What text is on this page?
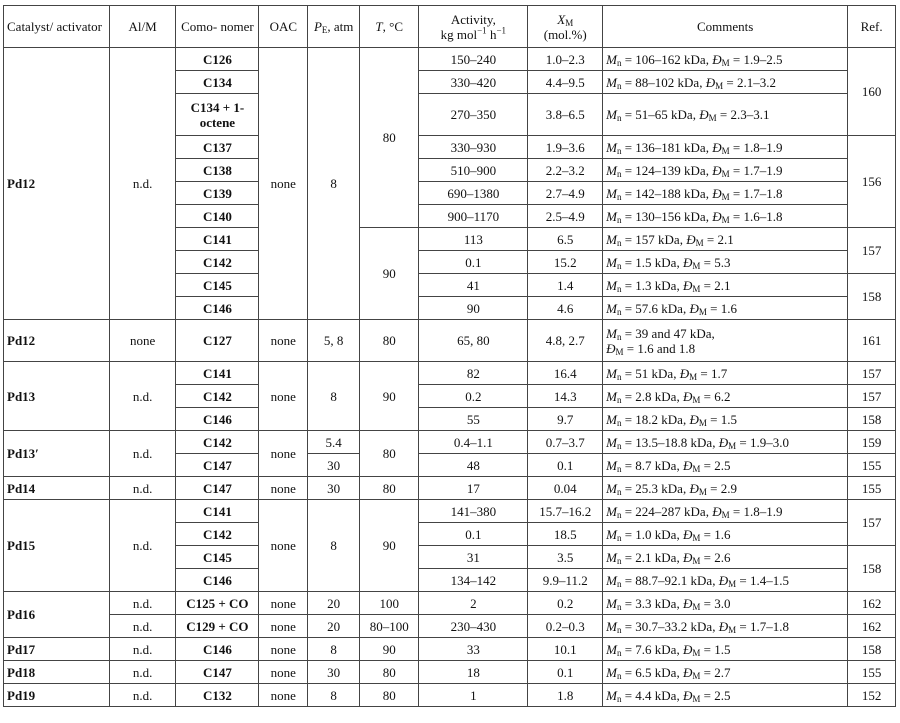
Catalyst/ activator	Al/M	Como- nomer	OAC	$P_E$, atm	T, °C	Activity,
kg mol$^{-1}$ $h^{-1}$	$X_M$
(mol.%)	Comments	Ref.
Pd12	n.d.	C126	none	8	80	150–240	1.0–2.3	$M_n = 106-162$ kDa, $Đ_M = 1.9-2.5$	160
		C134				330–420	4.4–9.5	$M_n = 88-102$ kDa, $Đ_M = 2.1-3.2$	
		C134 + 1-octene				270–350	3.8–6.5	$M_n = 51-65$ kDa, $Đ_M = 2.3-3.1$	
		C137				330–930	1.9–3.6	$M_n = 136-181$ kDa, $Đ_M = 1.8-1.9$	156
		C138				510–900	2.2–3.2	$M_n = 124-139$ kDa, $Đ_M = 1.7-1.9$	
		C139				690–1380	2.7–4.9	$M_n = 142-188$ kDa, $Đ_M = 1.7-1.8$	
		C140				900–1170	2.5–4.9	$M_n = 130-156$ kDa, $Đ_M = 1.6-1.8$	
		C141			90	113	6.5	$M_n = 157$ kDa, $Đ_M = 2.1$	157
		C142				0.1	15.2	$M_n = 1.5$ kDa, $Đ_M = 5.3$	
		C145				41	1.4	$M_n = 1.3$ kDa, $Đ_M = 2.1$	158
		C146				90	4.6	$M_n = 57.6$ kDa, $Đ_M = 1.6$	
Pd12	none	C127	none	5, 8	80	65, 80	4.8, 2.7	$M_n = 39$ and 47 kDa,
$Đ_M = 1.6$ and 1.8	161
Pd13	n.d.	C141	none	8	90	82	16.4	$M_n = 51$ kDa, $Đ_M = 1.7$	157
		C142				0.2	14.3	$M_n = 2.8$ kDa, $Đ_M = 6.2$	157
		C146				55	9.7	$M_n = 18.2$ kDa, $Đ_M = 1.5$	158
Pd13′	n.d.	C142	none	5.4	80	0.4–1.1	0.7–3.7	$M_n = 13.5-18.8$ kDa, $Đ_M = 1.9-3.0$	159
		C147		30		48	0.1	$M_n = 8.7$ kDa, $Đ_M = 2.5$	155
Pd14	n.d.	C147	none	30	80	17	0.04	$M_n = 25.3$ kDa, $Đ_M = 2.9$	155
Pd15	n.d.	C141	none	8	90	141–380	15.7–16.2	$M_n = 224-287$ kDa, $Đ_M = 1.8-1.9$	157
		C142				0.1	18.5	$M_n = 1.0$ kDa, $Đ_M = 1.6$	
		C145				31	3.5	$M_n = 2.1$ kDa, $Đ_M = 2.6$	158
		C146				134–142	9.9–11.2	$M_n = 88.7-92.1$ kDa, $Đ_M = 1.4-1.5$	
Pd16	n.d.	C125 + CO	none	20	100	2	0.2	$M_n = 3.3$ kDa, $Đ_M = 3.0$	162
	n.d.	C129 + CO	none	20	80–100	230–430	0.2–0.3	$M_n = 30.7-33.2$ kDa, $Đ_M = 1.7-1.8$	162
Pd17	n.d.	C146	none	8	90	33	10.1	$M_n = 7.6$ kDa, $Đ_M = 1.5$	158
Pd18	n.d.	C147	none	30	80	18	0.1	$M_n = 6.5$ kDa, $Đ_M = 2.7$	155
Pd19	n.d.	C132	none	8	80	1	1.8	$M_n = 4.4$ kDa, $Đ_M = 2.5$	152
